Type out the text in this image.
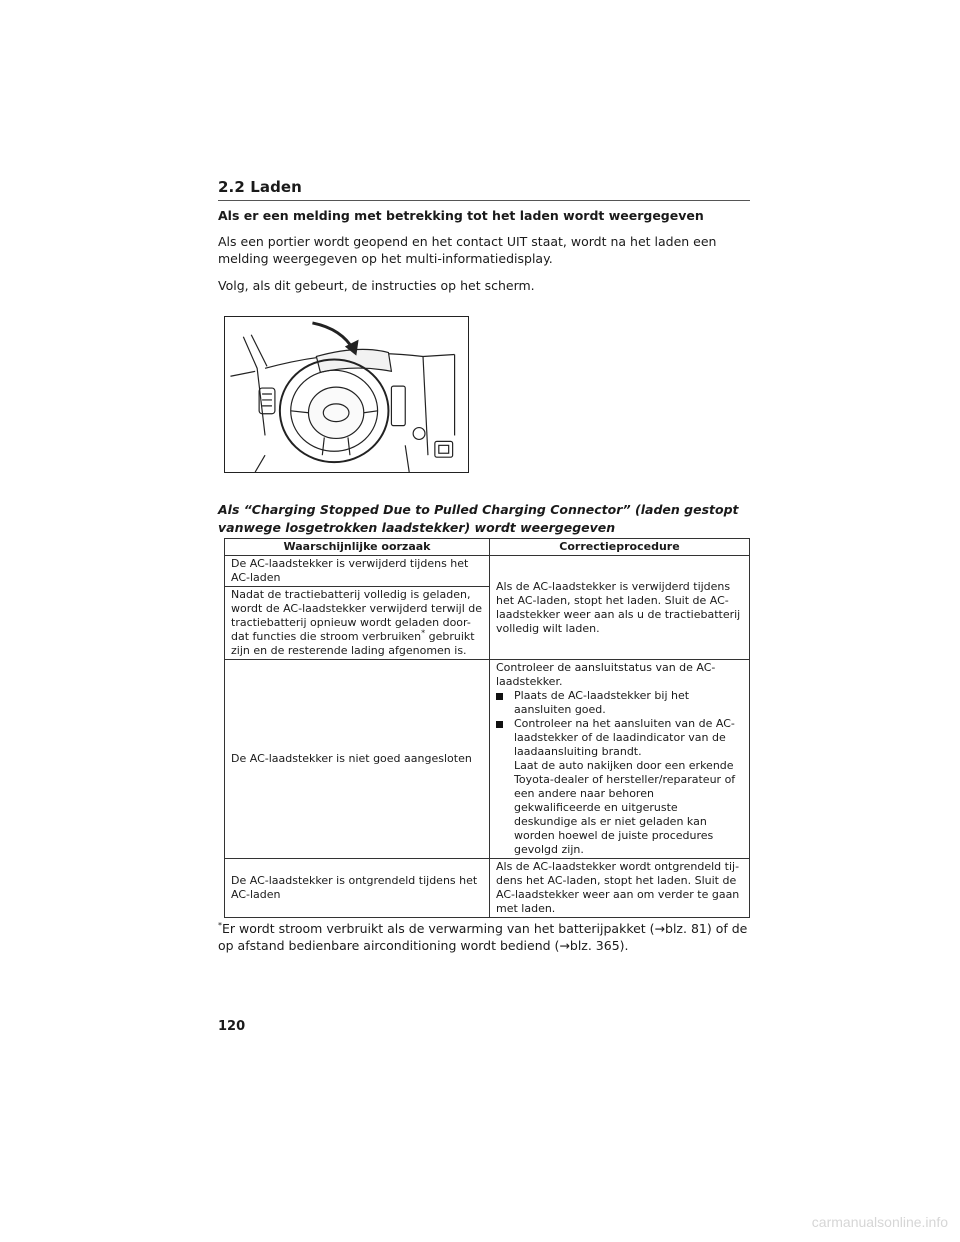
2.2 Laden

Als er een melding met betrekking tot het laden wordt weergegeven

Als een portier wordt geopend en het contact UIT staat, wordt na het laden een melding weergegeven op het multi-informatiedisplay.

Volg, als dit gebeurt, de instructies op het scherm.

Als “Charging Stopped Due to Pulled Charging Connector” (laden gestopt vanwege losgetrokken laadstekker) wordt weergegeven
Waarschijnlijke oorzaak	Correctieprocedure
De AC-laadstekker is verwijderd tijdens het AC-laden	Als de AC-laadstekker is verwijderd tijdens het AC-laden, stopt het laden. Sluit de AC-laadstekker weer aan als u de tractiebatterij volledig wilt laden.
Nadat de tractiebatterij volledig is geladen, wordt de AC-laadstekker verwijderd terwijl de tractiebatterij opnieuw wordt geladen door-dat functies die stroom verbruiken* gebruikt zijn en de resterende lading afgenomen is.	
De AC-laadstekker is niet goed aangesloten	Controleer de aansluitstatus van de AC-laadstekker.
Plaats de AC-laadstekker bij het aansluiten goed.
Controleer na het aansluiten van de AC-laadstekker of de laadindicator van de laadaansluiting brandt.
Laat de auto nakijken door een erkende Toyota-dealer of hersteller/reparateur of een andere naar behoren gekwalificeerde en uitgeruste deskundige als er niet geladen kan worden hoewel de juiste procedures gevolgd zijn.

De AC-laadstekker is ontgrendeld tijdens het AC-laden	Als de AC-laadstekker wordt ontgrendeld tij-dens het AC-laden, stopt het laden. Sluit de AC-laadstekker weer aan om verder te gaan met laden.
*Er wordt stroom verbruikt als de verwarming van het batterijpakket (→blz. 81) of de op afstand bedienbare airconditioning wordt bediend (→blz. 365).
120
carmanualsonline.info
